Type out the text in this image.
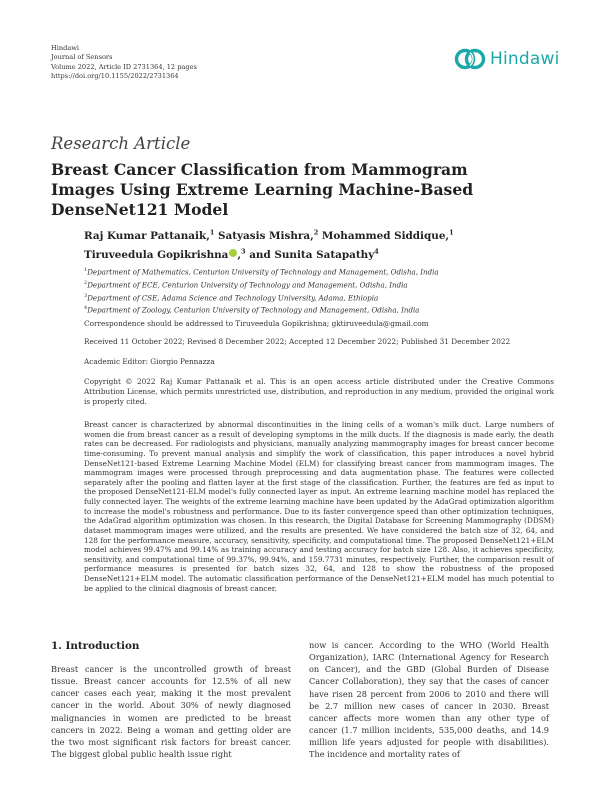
Hindawi
Journal of Sensors
Volume 2022, Article ID 2731364, 12 pages
https://doi.org/10.1155/2022/2731364
Hindawi
Research Article
Breast Cancer Classification from Mammogram Images Using Extreme Learning Machine-Based DenseNet121 Model
Raj Kumar Pattanaik,$^1$ Satyasis Mishra,$^2$ Mohammed Siddique,$^1$
Tiruveedula Gopikrishna ,$^3$ and Sunita Satapathy$^4$
$^1$Department of Mathematics, Centurion University of Technology and Management, Odisha, India
$^2$Department of ECE, Centurion University of Technology and Management, Odisha, India
$^3$Department of CSE, Adama Science and Technology University, Adama, Ethiopia
$^4$Department of Zoology, Centurion University of Technology and Management, Odisha, India
Correspondence should be addressed to Tiruveedula Gopikrishna; gktiruveedula@gmail.com
Received 11 October 2022; Revised 8 December 2022; Accepted 12 December 2022; Published 31 December 2022
Academic Editor: Giorgio Pennazza
Copyright © 2022 Raj Kumar Pattanaik et al. This is an open access article distributed under the Creative Commons Attribution License, which permits unrestricted use, distribution, and reproduction in any medium, provided the original work is properly cited.
Breast cancer is characterized by abnormal discontinuities in the lining cells of a woman's milk duct. Large numbers of women die from breast cancer as a result of developing symptoms in the milk ducts. If the diagnosis is made early, the death rates can be decreased. For radiologists and physicians, manually analyzing mammography images for breast cancer become time-consuming. To prevent manual analysis and simplify the work of classification, this paper introduces a novel hybrid DenseNet121-based Extreme Learning Machine Model (ELM) for classifying breast cancer from mammogram images. The mammogram images were processed through preprocessing and data augmentation phase. The features were collected separately after the pooling and flatten layer at the first stage of the classification. Further, the features are fed as input to the proposed DenseNet121-ELM model's fully connected layer as input. An extreme learning machine model has replaced the fully connected layer. The weights of the extreme learning machine have been updated by the AdaGrad optimization algorithm to increase the model's robustness and performance. Due to its faster convergence speed than other optimization techniques, the AdaGrad algorithm optimization was chosen. In this research, the Digital Database for Screening Mammography (DDSM) dataset mammogram images were utilized, and the results are presented. We have considered the batch size of 32, 64, and 128 for the performance measure, accuracy, sensitivity, specificity, and computational time. The proposed DenseNet121+ELM model achieves 99.47% and 99.14% as training accuracy and testing accuracy for batch size 128. Also, it achieves specificity, sensitivity, and computational time of 99.37%, 99.94%, and 159.7731 minutes, respectively. Further, the comparison result of performance measures is presented for batch sizes 32, 64, and 128 to show the robustness of the proposed DenseNet121+ELM model. The automatic classification performance of the DenseNet121+ELM model has much potential to be applied to the clinical diagnosis of breast cancer.
1. Introduction
Breast cancer is the uncontrolled growth of breast tissue. Breast cancer accounts for 12.5% of all new cancer cases each year, making it the most prevalent cancer in the world. About 30% of newly diagnosed malignancies in women are predicted to be breast cancers in 2022. Being a woman and getting older are the two most significant risk factors for breast cancer. The biggest global public health issue right
now is cancer. According to the WHO (World Health Organization), IARC (International Agency for Research on Cancer), and the GBD (Global Burden of Disease Cancer Collaboration), they say that the cases of cancer have risen 28 percent from 2006 to 2010 and there will be 2.7 million new cases of cancer in 2030. Breast cancer affects more women than any other type of cancer (1.7 million incidents, 535,000 deaths, and 14.9 million life years adjusted for people with disabilities). The incidence and mortality rates of
